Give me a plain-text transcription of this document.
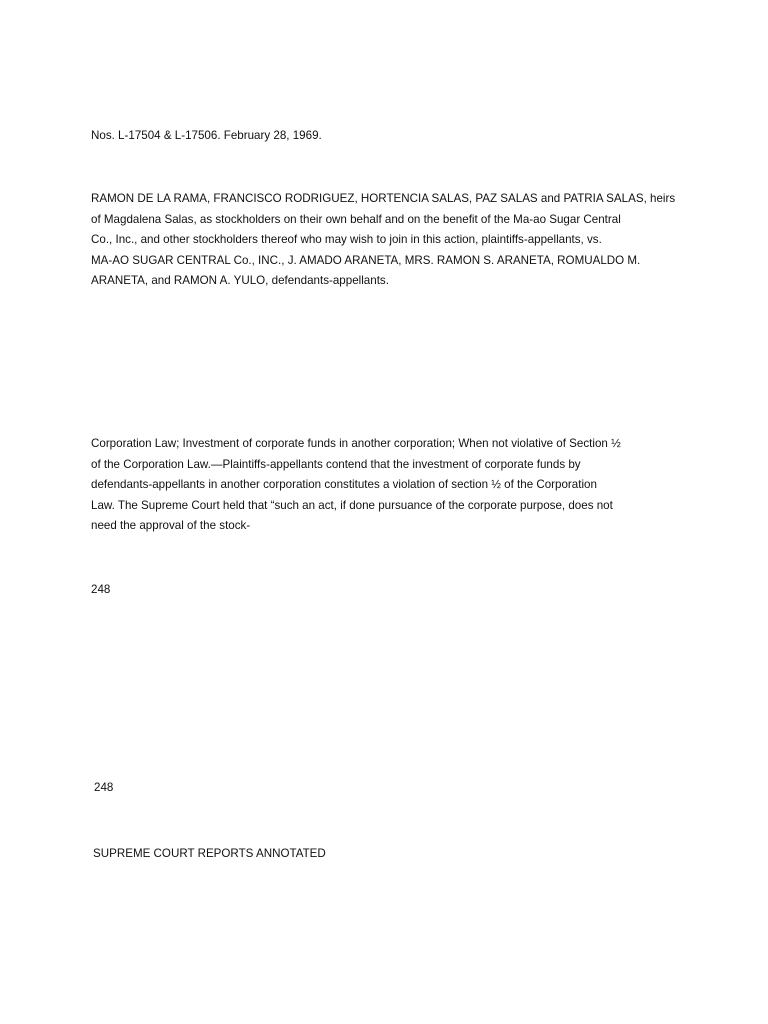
Nos. L-17504 & L-17506. February 28, 1969.

RAMON DE LA RAMA, FRANCISCO RODRIGUEZ, HORTENCIA SALAS, PAZ SALAS and PATRIA SALAS, heirs
of Magdalena Salas, as stockholders on their own behalf and on the benefit of the Ma-ao Sugar Central
Co., Inc., and other stockholders thereof who may wish to join in this action, plaintiffs-appellants, vs.
MA-AO SUGAR CENTRAL Co., INC., J. AMADO ARANETA, MRS. RAMON S. ARANETA, ROMUALDO M.
ARANETA, and RAMON A. YULO, defendants-appellants.

Corporation Law; Investment of corporate funds in another corporation; When not violative of Section ½
of the Corporation Law.—Plaintiffs-appellants contend that the investment of corporate funds by
defendants-appellants in another corporation constitutes a violation of section ½ of the Corporation
Law. The Supreme Court held that “such an act, if done pursuance of the corporate purpose, does not
need the approval of the stock-

248

248

SUPREME COURT REPORTS ANNOTATED
